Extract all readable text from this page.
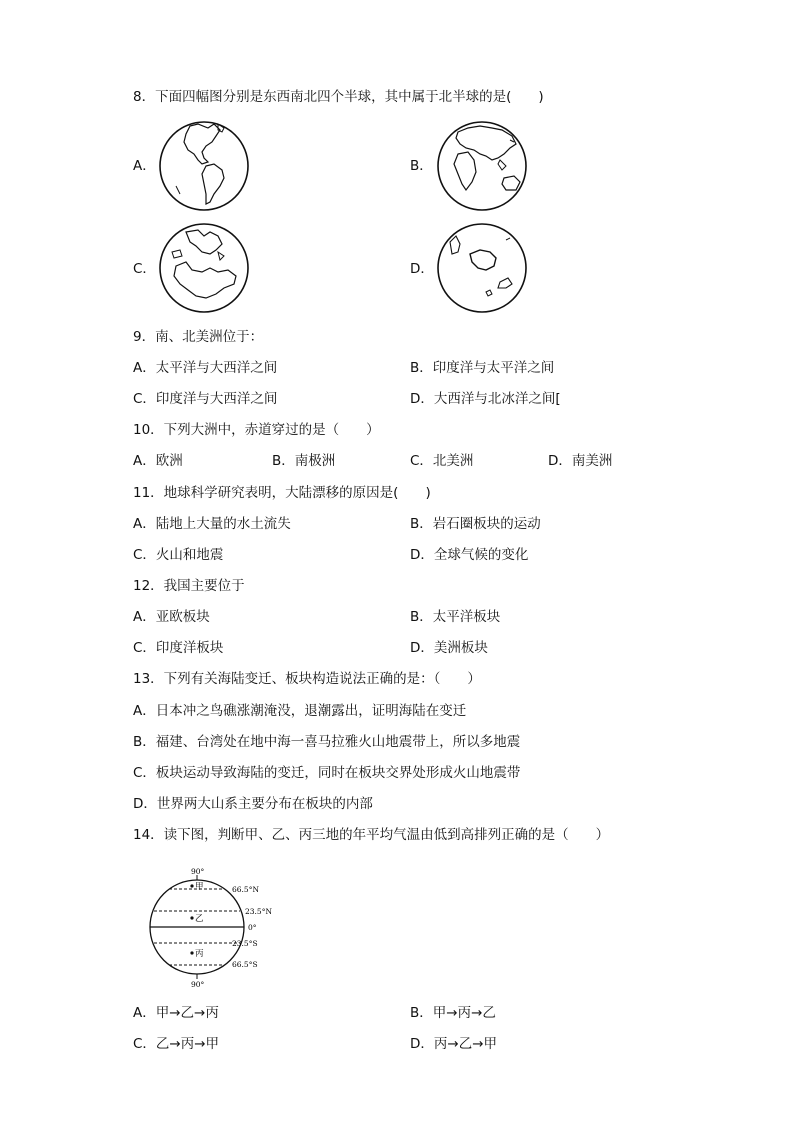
8．下面四幅图分别是东西南北四个半球，其中属于北半球的是(　　)
A．	B．
C．	D．
9．南、北美洲位于：
A．太平洋与大西洋之间	B．印度洋与太平洋之间
C．印度洋与大西洋之间	D．大西洋与北冰洋之间[
10．下列大洲中，赤道穿过的是（　　）
A．欧洲	B．南极洲	C．北美洲	D．南美洲
11．地球科学研究表明，大陆漂移的原因是(　　)
A．陆地上大量的水土流失	B．岩石圈板块的运动
C．火山和地震	D．全球气候的变化
12．我国主要位于
A．亚欧板块	B．太平洋板块
C．印度洋板块	D．美洲板块
13．下列有关海陆变迁、板块构造说法正确的是：（　　）
A．日本冲之鸟礁涨潮淹没，退潮露出，证明海陆在变迁
B．福建、台湾处在地中海一喜马拉雅火山地震带上，所以多地震
C．板块运动导致海陆的变迁，同时在板块交界处形成火山地震带
D．世界两大山系主要分布在板块的内部
14．读下图，判断甲、乙、丙三地的年平均气温由低到高排列正确的是（　　）
90°
90°
66.5°N
23.5°N
0°
23.5°S
66.5°S
甲
乙
丙
A．甲→乙→丙	B．甲→丙→乙
C．乙→丙→甲	D．丙→乙→甲
